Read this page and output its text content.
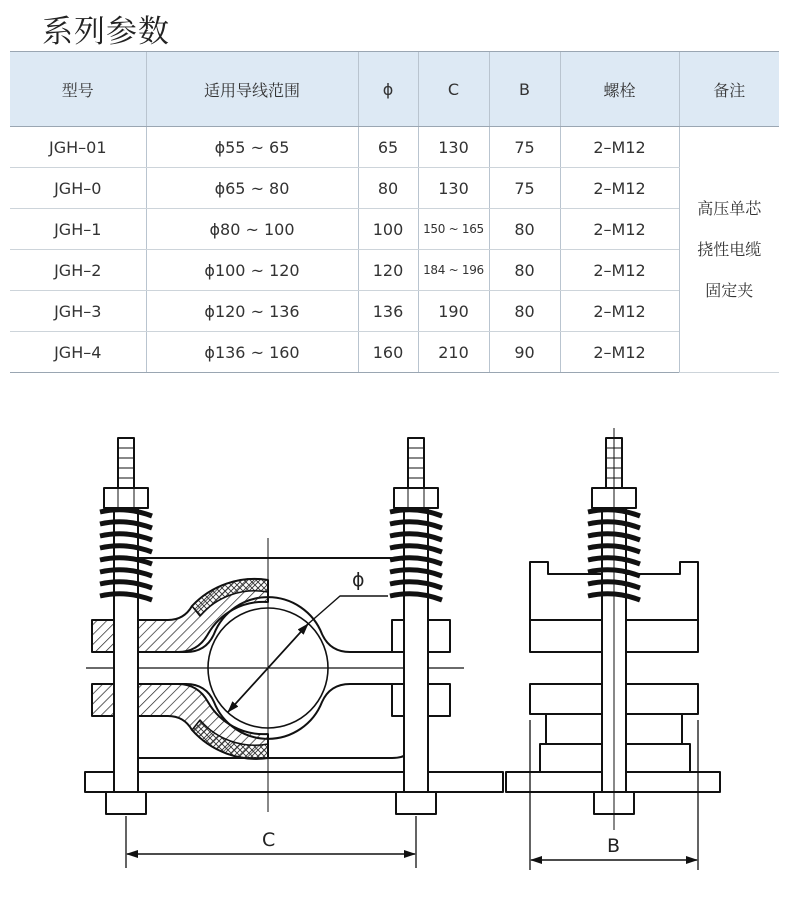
系列参数
型号	适用导线范围	ϕ	C	B	螺栓	备注
JGH–01	ϕ55 ~ 65	65	130	75	2–M12	高压单芯
挠性电缆
固定夹

JGH–0	ϕ65 ~ 80	80	130	75	2–M12	
JGH–1	ϕ80 ~ 100	100	150 ~ 165	80	2–M12	
JGH–2	ϕ100 ~ 120	120	184 ~ 196	80	2–M12	
JGH–3	ϕ120 ~ 136	136	190	80	2–M12	
JGH–4	ϕ136 ~ 160	160	210	90	2–M12	
ϕ
C	B
